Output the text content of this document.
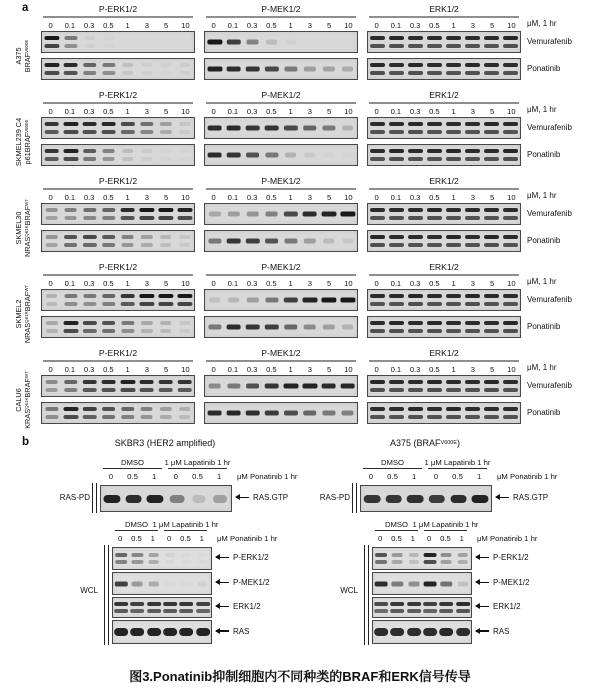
a
A375 $BRAF^{V600E}$
P-ERK1/2
0	0.1	0.3	0.5	1	3	5	10
P-MEK1/2
0	0.1	0.3	0.5	1	3	5	10
ERK1/2
0	0.1	0.3	0.5	1	3	5	10	μM, 1 hr
Vemurafenib
Ponatinib
SKMEL239 C4 $p61BRAF^{V600E}$
P-ERK1/2
0	0.1	0.3	0.5	1	3	5	10
P-MEK1/2
0	0.1	0.3	0.5	1	3	5	10
ERK1/2
0	0.1	0.3	0.5	1	3	5	10	μM, 1 hr
Vemurafenib
Ponatinib
SKMEL30
$NRAS^{Q61K}BRAF^{WT}$
P-ERK1/2
0	0.1	0.3	0.5	1	3	5	10
P-MEK1/2
0	0.1	0.3	0.5	1	3	5	10
ERK1/2
0	0.1	0.3	0.5	1	3	5	10	μM, 1 hr
Vemurafenib
Ponatinib
SKMEL2
$NRAS^{Q61R}BRAF^{WT}$
P-ERK1/2
0	0.1	0.3	0.5	1	3	5	10
P-MEK1/2
0	0.1	0.3	0.5	1	3	5	10
ERK1/2
0	0.1	0.3	0.5	1	3	5	10	μM, 1 hr
Vemurafenib
Ponatinib
CALU6
$KRAS^{Q61K}BRAF^{WT}$
P-ERK1/2
0	0.1	0.3	0.5	1	3	5	10
P-MEK1/2
0	0.1	0.3	0.5	1	3	5	10
ERK1/2
0	0.1	0.3	0.5	1	3	5	10	μM, 1 hr
Vemurafenib
Ponatinib
b	SKBR3 (HER2 amplified)
DMSO	1 μM Lapatinib 1 hr
0	0.5	1	0	0.5	1	μM Ponatinib 1 hr
RAS-PD	RAS.GTP
DMSO 1 μM Lapatinib 1 hr
0	0.5	1	0	0.5	1	μM Ponatinib 1 hr
WCL
P-ERK1/2
P-MEK1/2
ERK1/2
RAS
A375 $(BRAF^{V600E})$
DMSO	1 μM Lapatinib 1 hr
0	0.5	1	0	0.5	1	μM Ponatinib 1 hr
RAS-PD	RAS.GTP
DMSO 1 μM Lapatinib 1 hr
0	0.5	1	0	0.5	1	μM Ponatinib 1 hr
WCL
P-ERK1/2
P-MEK1/2
ERK1/2
RAS
图3.Ponatinib抑制细胞内不同种类的BRAF和ERK信号传导
